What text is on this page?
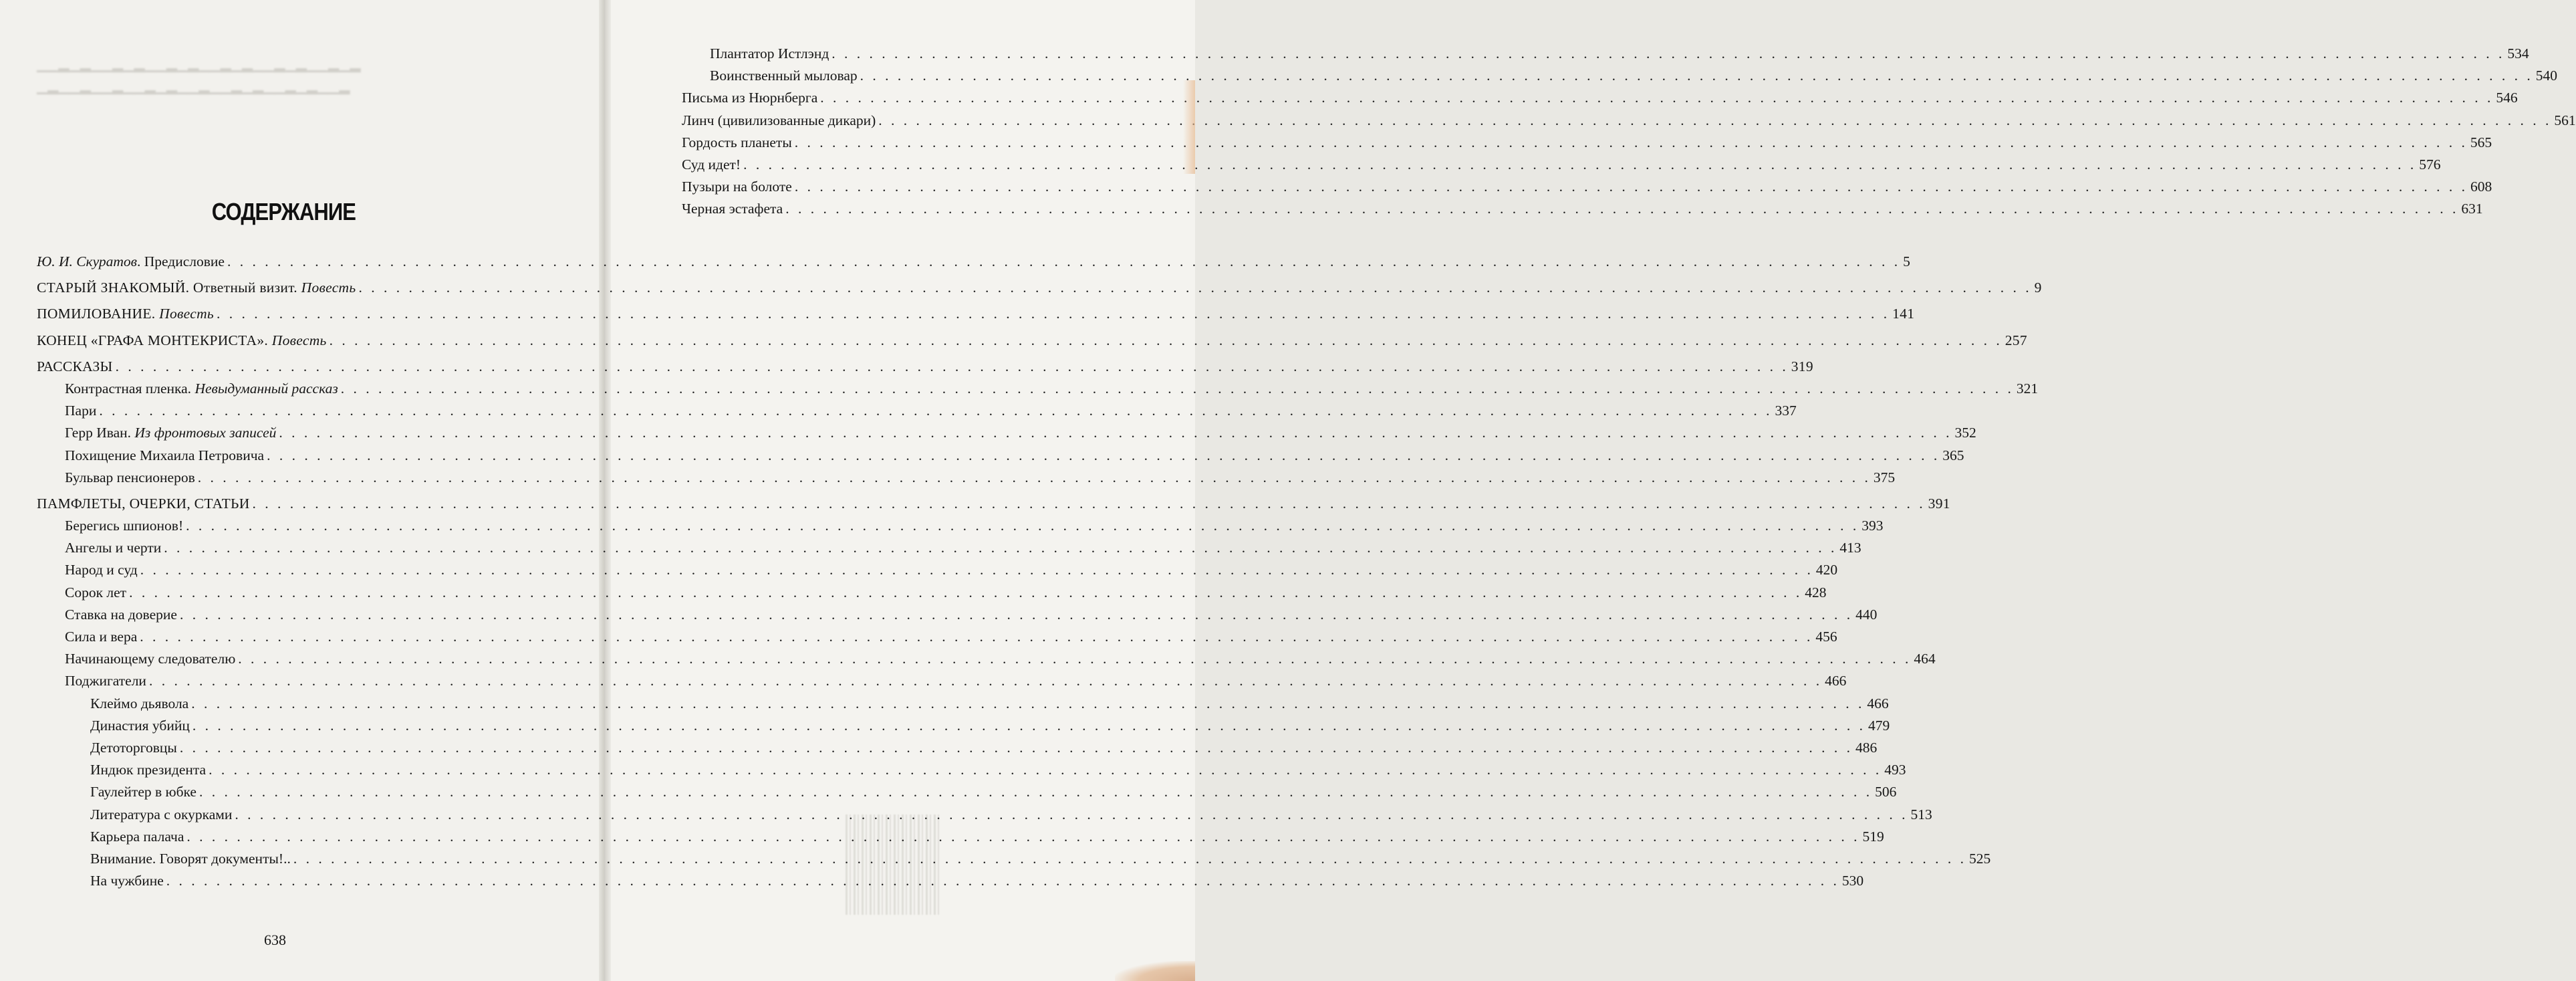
▁▁▂▁▂▁▁▂▁▂▁▁▂▁▂▁▁▂▁▂▁▁▂▁▂▁▁▂▁▂
▁▂▁▁▂▁▁▂▁▁▂▁▂▁▁▂▁▁▂▁▂▁▁▂▁▂▁▁▂
СОДЕРЖАНИЕ
Ю. И. Скуратов. Предисловие . . .	5
СТАРЫЙ ЗНАКОМЫЙ. Ответный визит. Повесть . . .	9
ПОМИЛОВАНИЕ. Повесть . . .	141
КОНЕЦ «ГРАФА МОНТЕКРИСТА». Повесть . . .	257
РАССКАЗЫ . . .	319
Контрастная пленка. Невыдуманный рассказ . . .	321
Пари . . .	337
Герр Иван. Из фронтовых записей . . .	352
Похищение Михаила Петровича . . .	365
Бульвар пенсионеров . . .	375
ПАМФЛЕТЫ, ОЧЕРКИ, СТАТЬИ . . .	391
Берегись шпионов! . . .	393
Ангелы и черти . . .	413
Народ и суд . . .	420
Сорок лет . . .	428
Ставка на доверие . . .	440
Сила и вера . . .	456
Начинающему следователю . . .	464
Поджигатели . . .	466
Клеймо дьявола . . .	466
Династия убийц . . .	479
Детоторговцы . . .	486
Индюк президента . . .	493
Гаулейтер в юбке . . .	506
Литература с окурками . . .	513
Карьера палача . . .	519
Внимание. Говорят документы!.. . . .	525
На чужбине . . .	530
638
Плантатор Истлэнд . . .	534
Воинственный мыловар . . .	540
Письма из Нюрнберга . . .	546
Линч (цивилизованные дикари) . . .	561
Гордость планеты . . .	565
Суд идет! . . .	576
Пузыри на болоте . . .	608
Черная эстафета . . .	631
